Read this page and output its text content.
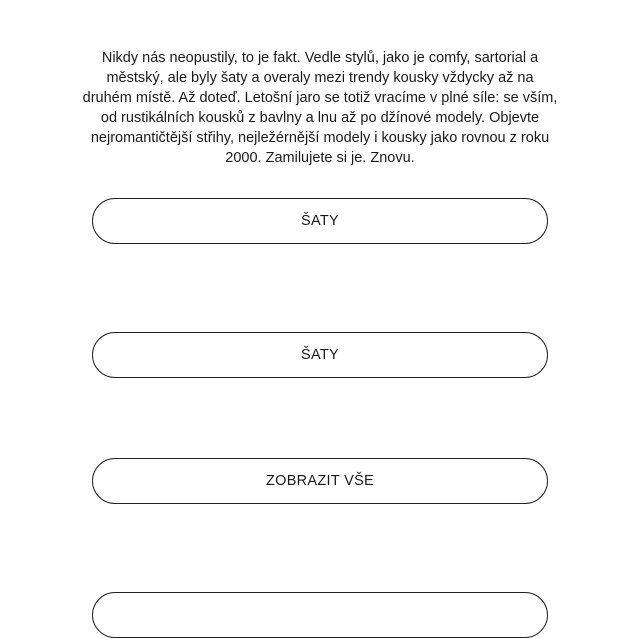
Nikdy nás neopustily, to je fakt. Vedle stylů, jako je comfy, sartorial a městský, ale byly šaty a overaly mezi trendy kousky vždycky až na druhém místě. Až doteď. Letošní jaro se totiž vracíme v plné síle: se vším, od rustikálních kousků z bavlny a lnu až po džínové modely. Objevte nejromantičtější střihy, nejležérnější modely i kousky jako rovnou z roku 2000. Zamilujete si je. Znovu.

ŠATY
ŠATY
ZOBRAZIT VŠE
